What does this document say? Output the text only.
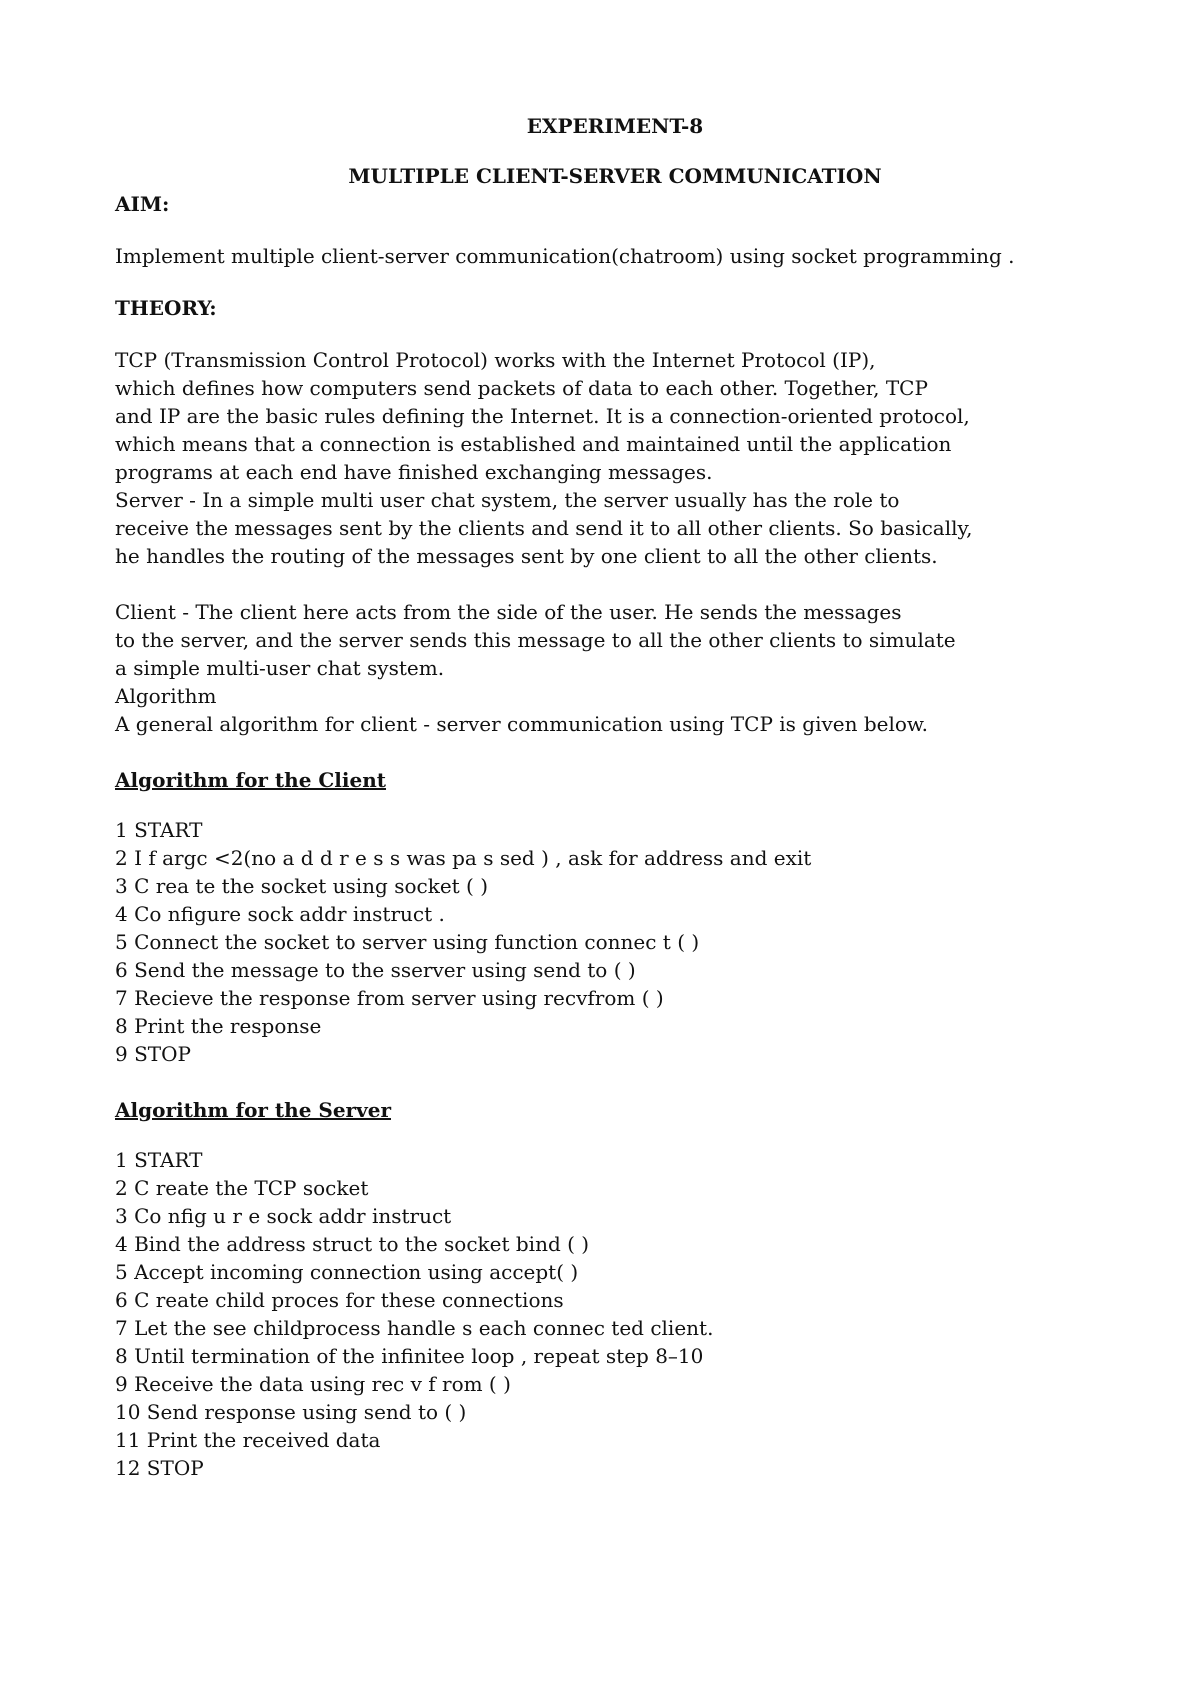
EXPERIMENT-8
MULTIPLE CLIENT-SERVER COMMUNICATION
AIM:
Implement multiple client-server communication(chatroom) using socket programming .
THEORY:
TCP (Transmission Control Protocol) works with the Internet Protocol (IP),
which defines how computers send packets of data to each other. Together, TCP
and IP are the basic rules defining the Internet. It is a connection-oriented protocol,
which means that a connection is established and maintained until the application
programs at each end have finished exchanging messages.
Server - In a simple multi user chat system, the server usually has the role to
receive the messages sent by the clients and send it to all other clients. So basically,
he handles the routing of the messages sent by one client to all the other clients.
Client - The client here acts from the side of the user. He sends the messages
to the server, and the server sends this message to all the other clients to simulate
a simple multi-user chat system.
Algorithm
A general algorithm for client - server communication using TCP is given below.
Algorithm for the Client
1 START
2 I f argc <2(no a d d r e s s was pa s sed ) , ask for address and exit
3 C rea te the socket using socket ( )
4 Co nfigure sock addr instruct .
5 Connect the socket to server using function connec t ( )
6 Send the message to the sserver using send to ( )
7 Recieve the response from server using recvfrom ( )
8 Print the response
9 STOP
Algorithm for the Server
1 START
2 C reate the TCP socket
3 Co nfig u r e sock addr instruct
4 Bind the address struct to the socket bind ( )
5 Accept incoming connection using accept( )
6 C reate child proces for these connections
7 Let the see childprocess handle s each connec ted client.
8 Until termination of the infinitee loop , repeat step 8–10
9 Receive the data using rec v f rom ( )
10 Send response using send to ( )
11 Print the received data
12 STOP
